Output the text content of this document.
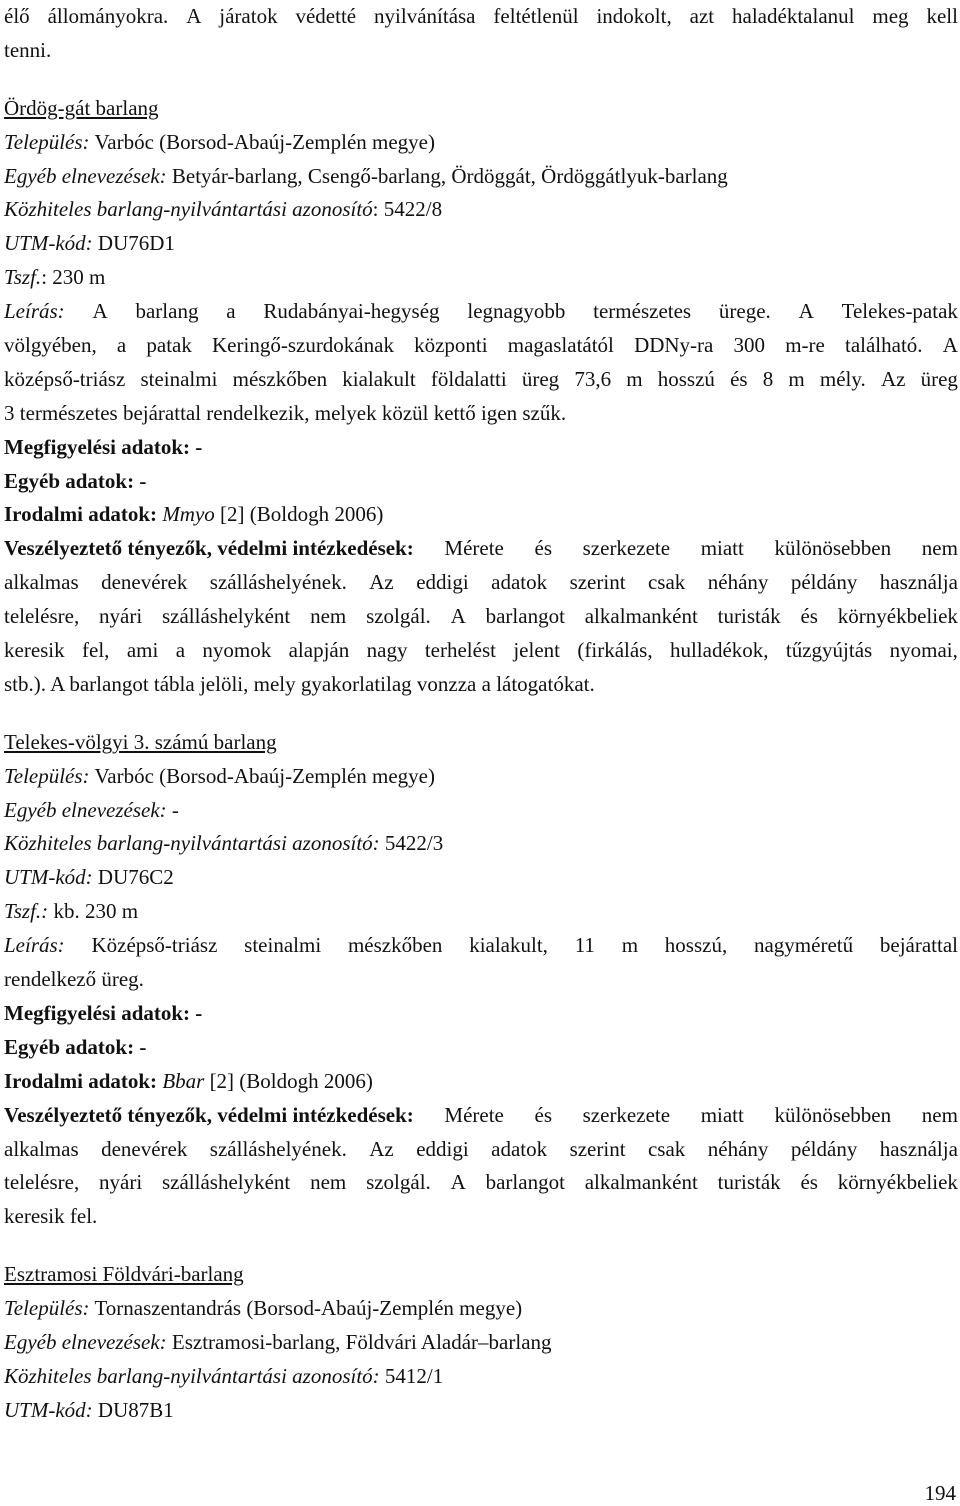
élő állományokra. A járatok védetté nyilvánítása feltétlenül indokolt, azt haladéktalanul meg kell
tenni.
Ördög-gát barlang
Település: Varbóc (Borsod-Abaúj-Zemplén megye)
Egyéb elnevezések: Betyár-barlang, Csengő-barlang, Ördöggát, Ördöggátlyuk-barlang
Közhiteles barlang-nyilvántartási azonosító: 5422/8
UTM-kód: DU76D1
Tszf.: 230 m
Leírás: A barlang a Rudabányai-hegység legnagyobb természetes ürege. A Telekes-patak
völgyében, a patak Keringő-szurdokának központi magaslatától DDNy-ra 300 m-re található. A
középső-triász steinalmi mészkőben kialakult földalatti üreg 73,6 m hosszú és 8 m mély. Az üreg
3 természetes bejárattal rendelkezik, melyek közül kettő igen szűk.
Megfigyelési adatok: -
Egyéb adatok: -
Irodalmi adatok: Mmyo [2] (Boldogh 2006)
Veszélyeztető tényezők, védelmi intézkedések: Mérete és szerkezete miatt különösebben nem
alkalmas denevérek szálláshelyének. Az eddigi adatok szerint csak néhány példány használja
telelésre, nyári szálláshelyként nem szolgál. A barlangot alkalmanként turisták és környékbeliek
keresik fel, ami a nyomok alapján nagy terhelést jelent (firkálás, hulladékok, tűzgyújtás nyomai,
stb.). A barlangot tábla jelöli, mely gyakorlatilag vonzza a látogatókat.
Telekes-völgyi 3. számú barlang
Település: Varbóc (Borsod-Abaúj-Zemplén megye)
Egyéb elnevezések: -
Közhiteles barlang-nyilvántartási azonosító: 5422/3
UTM-kód: DU76C2
Tszf.: kb. 230 m
Leírás: Középső-triász steinalmi mészkőben kialakult, 11 m hosszú, nagyméretű bejárattal
rendelkező üreg.
Megfigyelési adatok: -
Egyéb adatok: -
Irodalmi adatok: Bbar [2] (Boldogh 2006)
Veszélyeztető tényezők, védelmi intézkedések: Mérete és szerkezete miatt különösebben nem
alkalmas denevérek szálláshelyének. Az eddigi adatok szerint csak néhány példány használja
telelésre, nyári szálláshelyként nem szolgál. A barlangot alkalmanként turisták és környékbeliek
keresik fel.
Esztramosi Földvári-barlang
Település: Tornaszentandrás (Borsod-Abaúj-Zemplén megye)
Egyéb elnevezések: Esztramosi-barlang, Földvári Aladár–barlang
Közhiteles barlang-nyilvántartási azonosító: 5412/1
UTM-kód: DU87B1
194
